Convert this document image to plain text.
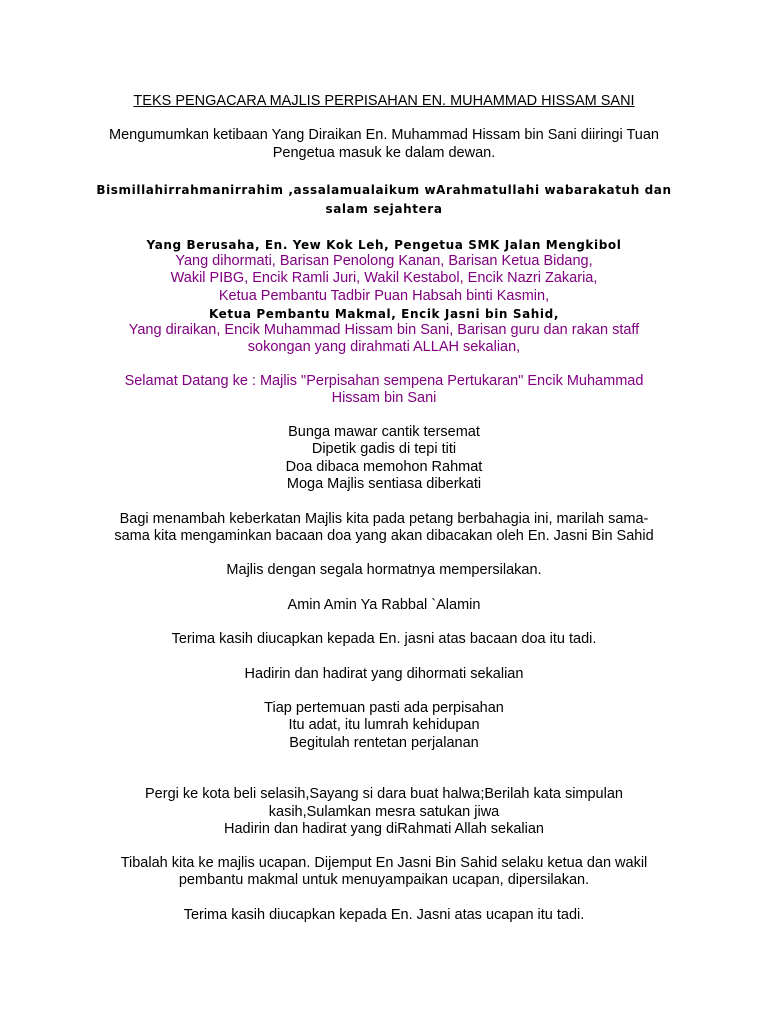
TEKS PENGACARA MAJLIS PERPISAHAN EN. MUHAMMAD HISSAM SANI
Mengumumkan ketibaan Yang Diraikan En. Muhammad Hissam bin Sani diiringi Tuan
Pengetua masuk ke dalam dewan.
Bismillahirrahmanirrahim ,assalamualaikum wArahmatullahi wabarakatuh dan
salam sejahtera
Yang Berusaha, En. Yew Kok Leh, Pengetua SMK Jalan Mengkibol
Yang dihormati, Barisan Penolong Kanan, Barisan Ketua Bidang,
Wakil PIBG, Encik Ramli Juri, Wakil Kestabol, Encik Nazri Zakaria,
Ketua Pembantu Tadbir Puan Habsah binti Kasmin,
Ketua Pembantu Makmal, Encik Jasni bin Sahid,
Yang diraikan, Encik Muhammad Hissam bin Sani, Barisan guru dan rakan staff
sokongan yang dirahmati ALLAH sekalian,
Selamat Datang ke : Majlis "Perpisahan sempena Pertukaran" Encik Muhammad
Hissam bin Sani
Bunga mawar cantik tersemat
Dipetik gadis di tepi titi
Doa dibaca memohon Rahmat
Moga Majlis sentiasa diberkati
Bagi menambah keberkatan Majlis kita pada petang berbahagia ini, marilah sama-
sama kita mengaminkan bacaan doa yang akan dibacakan oleh En. Jasni Bin Sahid
Majlis dengan segala hormatnya mempersilakan.
Amin Amin Ya Rabbal `Alamin
Terima kasih diucapkan kepada En. jasni atas bacaan doa itu tadi.
Hadirin dan hadirat yang dihormati sekalian
Tiap pertemuan pasti ada perpisahan
Itu adat, itu lumrah kehidupan
Begitulah rentetan perjalanan
Pergi ke kota beli selasih,Sayang si dara buat halwa;Berilah kata simpulan
kasih,Sulamkan mesra satukan jiwa
Hadirin dan hadirat yang diRahmati Allah sekalian
Tibalah kita ke majlis ucapan. Dijemput En Jasni Bin Sahid selaku ketua dan wakil
pembantu makmal untuk menuyampaikan ucapan, dipersilakan.
Terima kasih diucapkan kepada En. Jasni atas ucapan itu tadi.
